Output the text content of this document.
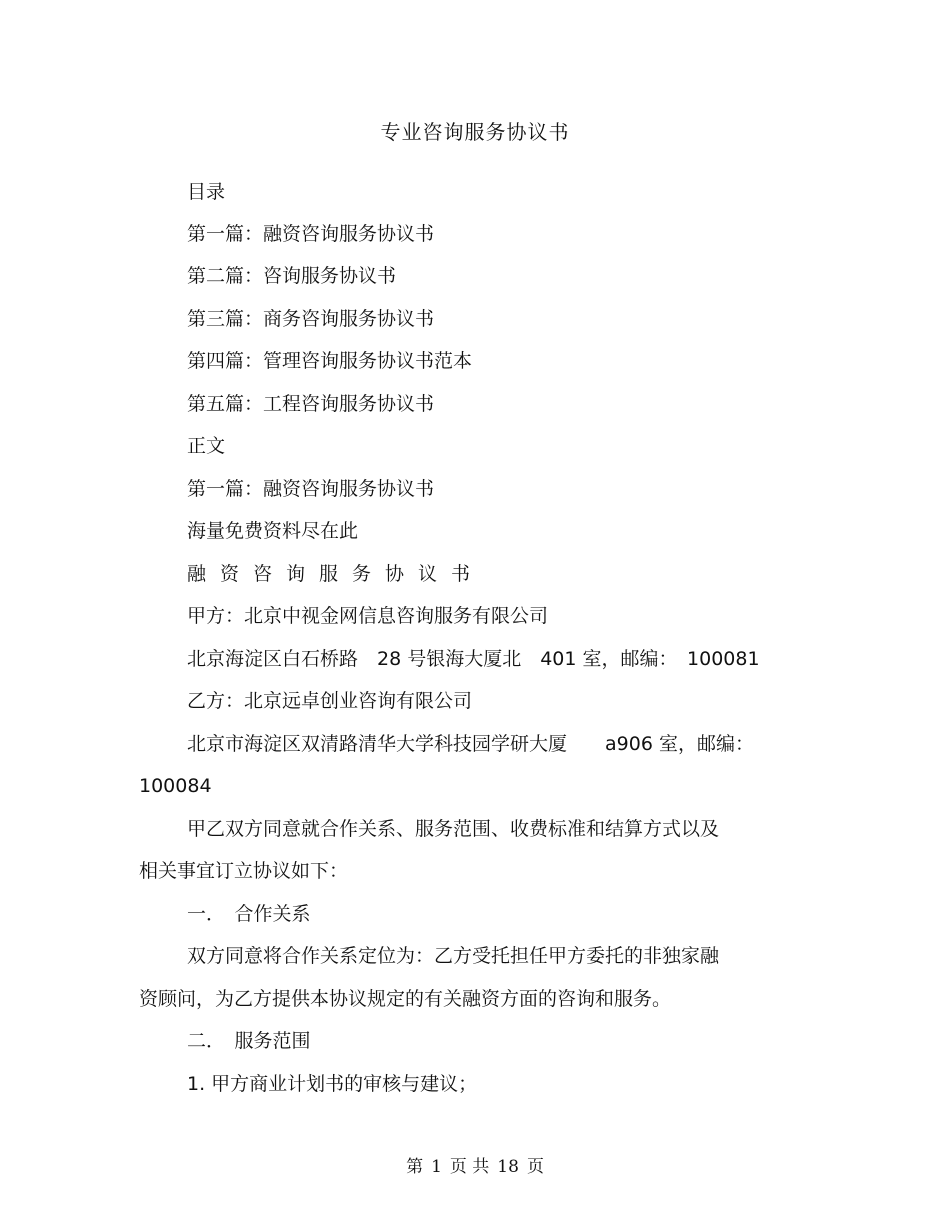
专业咨询服务协议书
目录
第一篇：融资咨询服务协议书
第二篇：咨询服务协议书
第三篇：商务咨询服务协议书
第四篇：管理咨询服务协议书范本
第五篇：工程咨询服务协议书
正文
第一篇：融资咨询服务协议书
海量免费资料尽在此
融资咨询服务协议书
甲方：北京中视金网信息咨询服务有限公司
北京海淀区白石桥路　28 号银海大厦北　401 室，邮编：　100081
乙方：北京远卓创业咨询有限公司
北京市海淀区双清路清华大学科技园学研大厦　　a906 室，邮编：
100084
甲乙双方同意就合作关系、服务范围、收费标准和结算方式以及
相关事宜订立协议如下：
一．　合作关系
双方同意将合作关系定位为：乙方受托担任甲方委托的非独家融
资顾问，为乙方提供本协议规定的有关融资方面的咨询和服务。
二．　服务范围
1. 甲方商业计划书的审核与建议；
第 1 页 共 18 页
